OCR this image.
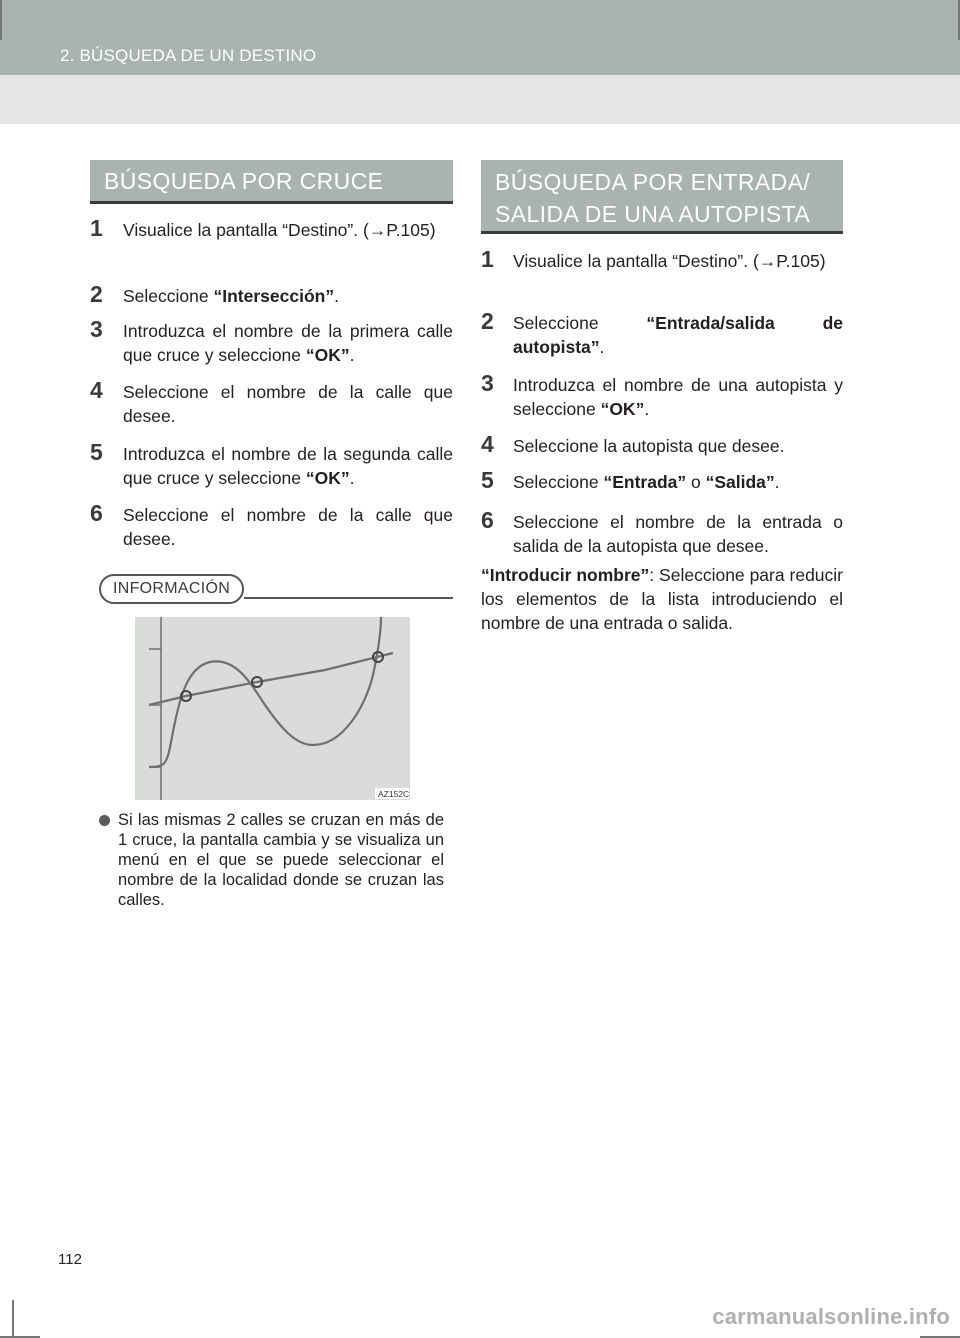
2. BÚSQUEDA DE UN DESTINO
BÚSQUEDA POR CRUCE
1	Visualice la pantalla “Destino”. (→P.105)
2	Seleccione “Intersección”.
3	Introduzca el nombre de la primera calle que cruce y seleccione “OK”.
4	Seleccione el nombre de la calle que desee.
5	Introduzca el nombre de la segunda calle que cruce y seleccione “OK”.
6	Seleccione el nombre de la calle que desee.
INFORMACIÓN
AZ152C
Si las mismas 2 calles se cruzan en más de 1 cruce, la pantalla cambia y se visualiza un menú en el que se puede seleccionar el nombre de la localidad donde se cruzan las calles.
BÚSQUEDA POR ENTRADA/
SALIDA DE UNA AUTOPISTA
1	Visualice la pantalla “Destino”. (→P.105)
2	Seleccione “Entrada/salida de autopista”.
3	Introduzca el nombre de una autopista y seleccione “OK”.
4	Seleccione la autopista que desee.
5	Seleccione “Entrada” o “Salida”.
6	Seleccione el nombre de la entrada o salida de la autopista que desee.
“Introducir nombre”: Seleccione para reducir los elementos de la lista introduciendo el nombre de una entrada o salida.
112
carmanualsonline.info
